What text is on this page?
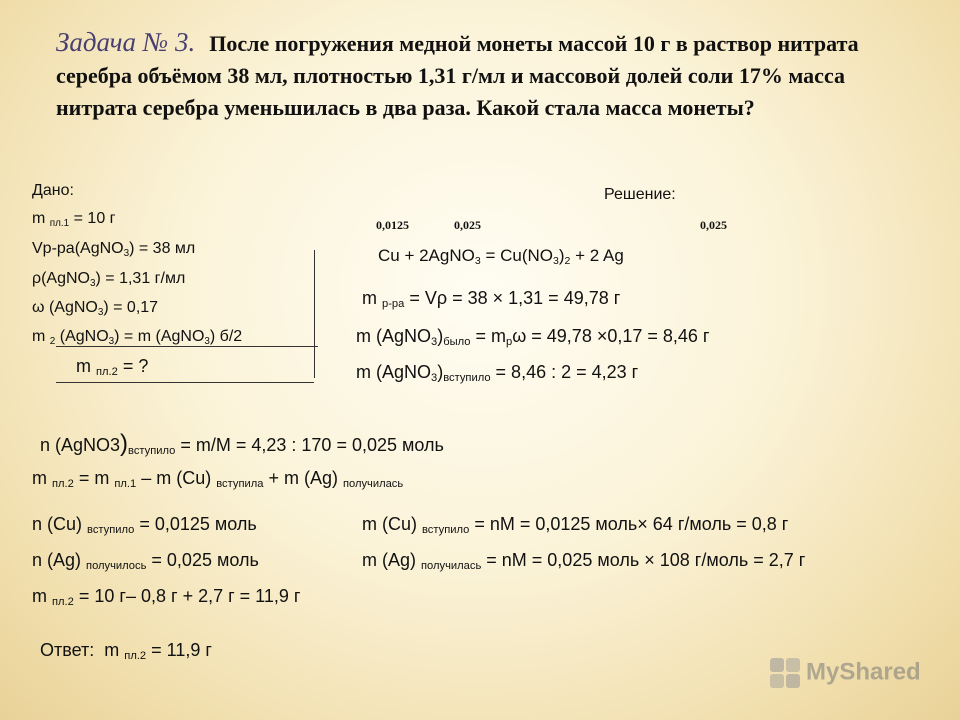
Задача № 3. После погружения медной монеты массой 10 г в раствор нитрата серебра объёмом 38 мл, плотностью 1,31 г/мл и массовой долей соли 17% масса нитрата серебра уменьшилась в два раза. Какой стала масса монеты?
Дано:
m $_{пл.1}$ = 10 г
Vр-ра(AgNO$_3$) = 38 мл
ρ(AgNO$_3$) = 1,31 г/мл
ω (AgNO$_3$) = 0,17
m $_2$ (AgNO$_3$) = m (AgNO$_3$) б/2
m $_{пл.2}$ = ?
Решение:
0,0125	0,025	0,025
Cu + 2AgNO$_3$ = $Cu(NO_3)_2 + 2$ Ag
m $_{р-ра}$ = Vρ = 38 × 1,31 = 49,78 г
m $(AgNO_3)_{было} = m_р\omega = 49,78 \times 0,17 = 8,46$ г
m $(AgNO_3)_{вступило} = 8,46$ : 2 = 4,23 г
n $(AgNO3)_{вступило} = m/M = 4,23$ : 170 = 0,025 моль
m $_{пл.2}$ = m $_{пл.1}$ – m (Cu) $_{вступила}$ + m (Ag) $_{получилась}$
n (Cu) $_{вступило}$ = 0,0125 моль	m (Cu) $_{вступило}$ = nM = 0,0125 моль× 64 г/моль = 0,8 г
n (Ag) $_{получилось}$ = 0,025 моль	m (Ag) $_{получилась}$ = nM = 0,025 моль × 108 г/моль = 2,7 г
m $_{пл.2}$ = 10 г– 0,8 г + 2,7 г = 11,9 г
Ответ: m $_{пл.2}$ = 11,9 г
MyShared
